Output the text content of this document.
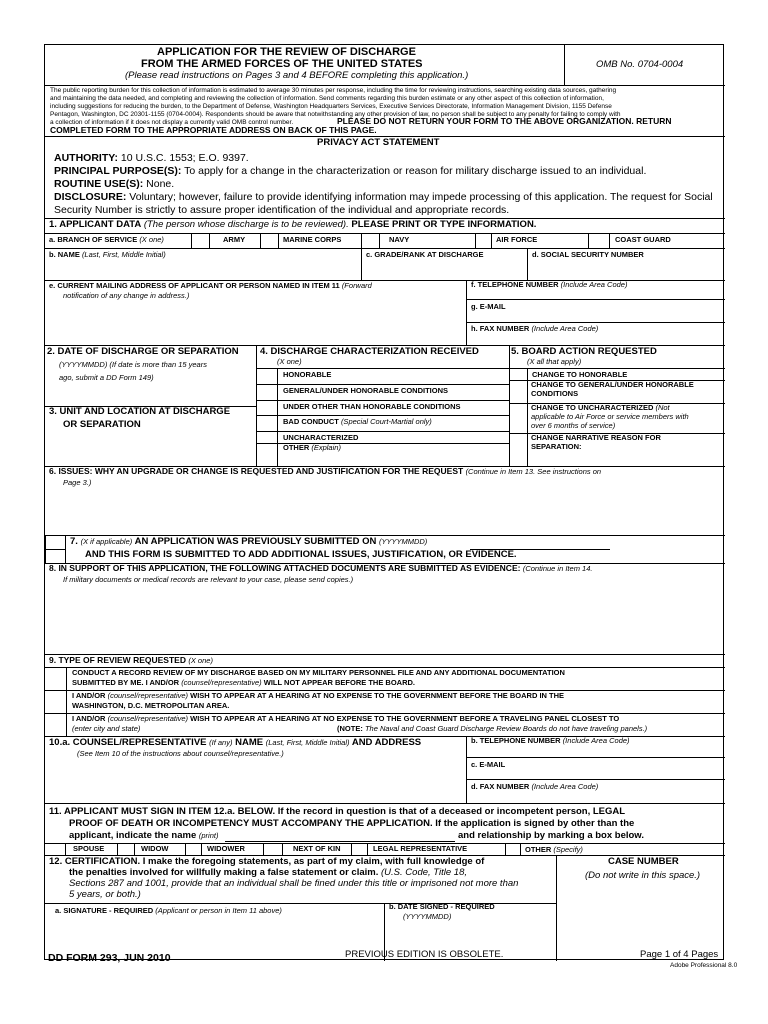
APPLICATION FOR THE REVIEW OF DISCHARGE
FROM THE ARMED FORCES OF THE UNITED STATES
(Please read instructions on Pages 3 and 4 BEFORE completing this application.)
OMB No. 0704-0004
The public reporting burden for this collection of information is estimated to average 30 minutes per response, including the time for reviewing instructions, searching existing data sources, gathering
and maintaining the data needed, and completing and reviewing the collection of information. Send comments regarding this burden estimate or any other aspect of this collection of information,
including suggestions for reducing the burden, to the Department of Defense, Washington Headquarters Services, Executive Services Directorate, Information Management Division, 1155 Defense
Pentagon, Washington, DC 20301-1155 (0704-0004). Respondents should be aware that notwithstanding any other provision of law, no person shall be subject to any penalty for failing to comply with
a collection of information if it does not display a currently valid OMB control number.	PLEASE DO NOT RETURN YOUR FORM TO THE ABOVE ORGANIZATION. RETURN
COMPLETED FORM TO THE APPROPRIATE ADDRESS ON BACK OF THIS PAGE.
PRIVACY ACT STATEMENT
AUTHORITY: 10 U.S.C. 1553; E.O. 9397.
PRINCIPAL PURPOSE(S): To apply for a change in the characterization or reason for military discharge issued to an individual.
ROUTINE USE(S): None.
DISCLOSURE: Voluntary; however, failure to provide identifying information may impede processing of this application. The request for Social
Security Number is strictly to assure proper identification of the individual and appropriate records.
1. APPLICANT DATA (The person whose discharge is to be reviewed). PLEASE PRINT OR TYPE INFORMATION.
a. BRANCH OF SERVICE (X one)	ARMY	MARINE CORPS	NAVY	AIR FORCE	COAST GUARD
b. NAME (Last, First, Middle Initial)	c. GRADE/RANK AT DISCHARGE	d. SOCIAL SECURITY NUMBER
e. CURRENT MAILING ADDRESS OF APPLICANT OR PERSON NAMED IN ITEM 11 (Forward
notification of any change in address.)
f. TELEPHONE NUMBER (Include Area Code)
g. E-MAIL
h. FAX NUMBER (Include Area Code)
2. DATE OF DISCHARGE OR SEPARATION
(YYYYMMDD) (If date is more than 15 years
ago, submit a DD Form 149)
3. UNIT AND LOCATION AT DISCHARGE
OR SEPARATION
4. DISCHARGE CHARACTERIZATION RECEIVED
(X one)
HONORABLE
GENERAL/UNDER HONORABLE CONDITIONS
UNDER OTHER THAN HONORABLE CONDITIONS
BAD CONDUCT (Special Court-Martial only)
UNCHARACTERIZED
OTHER (Explain)
5. BOARD ACTION REQUESTED
(X all that apply)
CHANGE TO HONORABLE
CHANGE TO GENERAL/UNDER HONORABLE
CONDITIONS
CHANGE TO UNCHARACTERIZED (Not
applicable to Air Force or service members with
over 6 months of service)
CHANGE NARRATIVE REASON FOR
SEPARATION:
6. ISSUES: WHY AN UPGRADE OR CHANGE IS REQUESTED AND JUSTIFICATION FOR THE REQUEST (Continue in Item 13. See instructions on
Page 3.)
7. (X if applicable) AN APPLICATION WAS PREVIOUSLY SUBMITTED ON (YYYYMMDD)
AND THIS FORM IS SUBMITTED TO ADD ADDITIONAL ISSUES, JUSTIFICATION, OR EVIDENCE.
8. IN SUPPORT OF THIS APPLICATION, THE FOLLOWING ATTACHED DOCUMENTS ARE SUBMITTED AS EVIDENCE: (Continue in Item 14.
If military documents or medical records are relevant to your case, please send copies.)
9. TYPE OF REVIEW REQUESTED (X one)
CONDUCT A RECORD REVIEW OF MY DISCHARGE BASED ON MY MILITARY PERSONNEL FILE AND ANY ADDITIONAL DOCUMENTATION
SUBMITTED BY ME. I AND/OR (counsel/representative) WILL NOT APPEAR BEFORE THE BOARD.
I AND/OR (counsel/representative) WISH TO APPEAR AT A HEARING AT NO EXPENSE TO THE GOVERNMENT BEFORE THE BOARD IN THE
WASHINGTON, D.C. METROPOLITAN AREA.
I AND/OR (counsel/representative) WISH TO APPEAR AT A HEARING AT NO EXPENSE TO THE GOVERNMENT BEFORE A TRAVELING PANEL CLOSEST TO
(enter city and state)	(NOTE: The Naval and Coast Guard Discharge Review Boards do not have traveling panels.)
10.a. COUNSEL/REPRESENTATIVE (If any) NAME (Last, First, Middle Initial) AND ADDRESS
(See Item 10 of the instructions about counsel/representative.)
b. TELEPHONE NUMBER (Include Area Code)
c. E-MAIL
d. FAX NUMBER (Include Area Code)
11. APPLICANT MUST SIGN IN ITEM 12.a. BELOW. If the record in question is that of a deceased or incompetent person, LEGAL
PROOF OF DEATH OR INCOMPETENCY MUST ACCOMPANY THE APPLICATION. If the application is signed by other than the
applicant, indicate the name (print)	and relationship by marking a box below.
SPOUSE	WIDOW	WIDOWER	NEXT OF KIN	LEGAL REPRESENTATIVE	OTHER (Specify)
12. CERTIFICATION. I make the foregoing statements, as part of my claim, with full knowledge of
the penalties involved for willfully making a false statement or claim. (U.S. Code, Title 18,
Sections 287 and 1001, provide that an individual shall be fined under this title or imprisoned not more than
5 years, or both.)
CASE NUMBER
(Do not write in this space.)
a. SIGNATURE - REQUIRED (Applicant or person in Item 11 above)	b. DATE SIGNED - REQUIRED
(YYYYMMDD)
DD FORM 293, JUN 2010	PREVIOUS EDITION IS OBSOLETE.	Page 1 of 4 Pages
Adobe Professional 8.0
